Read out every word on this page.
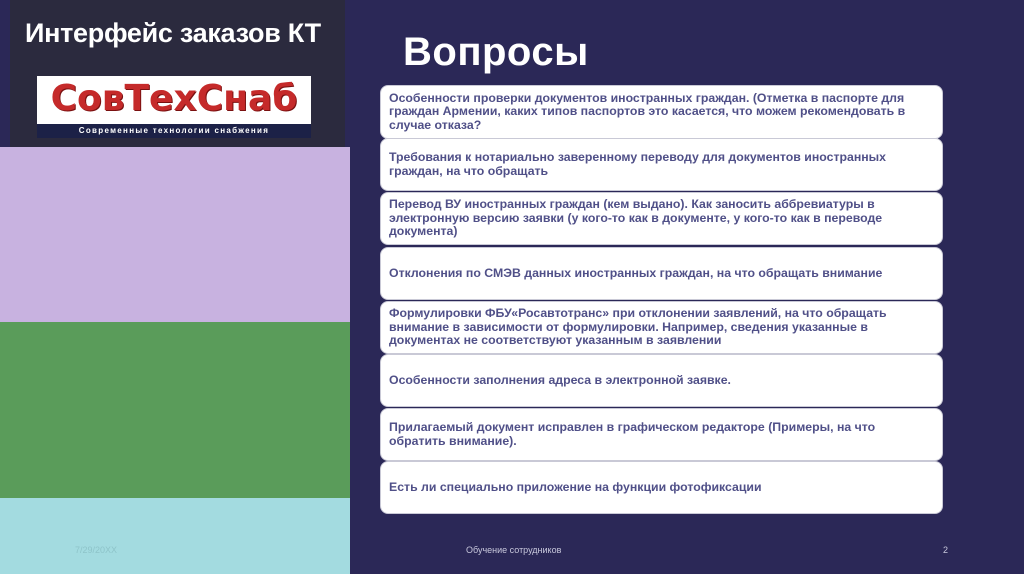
Интерфейс заказов КТ
СовТехСнаб
Современные технологии снабжения
7/29/20XX
Вопросы
Особенности проверки документов иностранных граждан. (Отметка в паспорте для граждан Армении, каких типов паспортов это касается, что можем рекомендовать в случае отказа?
Требования к нотариально заверенному переводу для документов иностранных граждан, на что обращать
Перевод ВУ иностранных граждан (кем выдано). Как заносить аббревиатуры в электронную версию заявки (у кого-то как в документе, у кого-то как в переводе документа)
Отклонения по СМЭВ данных иностранных граждан, на что обращать внимание
Формулировки ФБУ«Росавтотранс» при отклонении заявлений, на что обращать внимание в зависимости от формулировки. Например, сведения указанные в документах не соответствуют указанным в заявлении
Особенности заполнения адреса в электронной заявке.
Прилагаемый документ исправлен в графическом редакторе (Примеры, на что обратить внимание).
Есть ли специально приложение на функции фотофиксации
Обучение сотрудников	2
